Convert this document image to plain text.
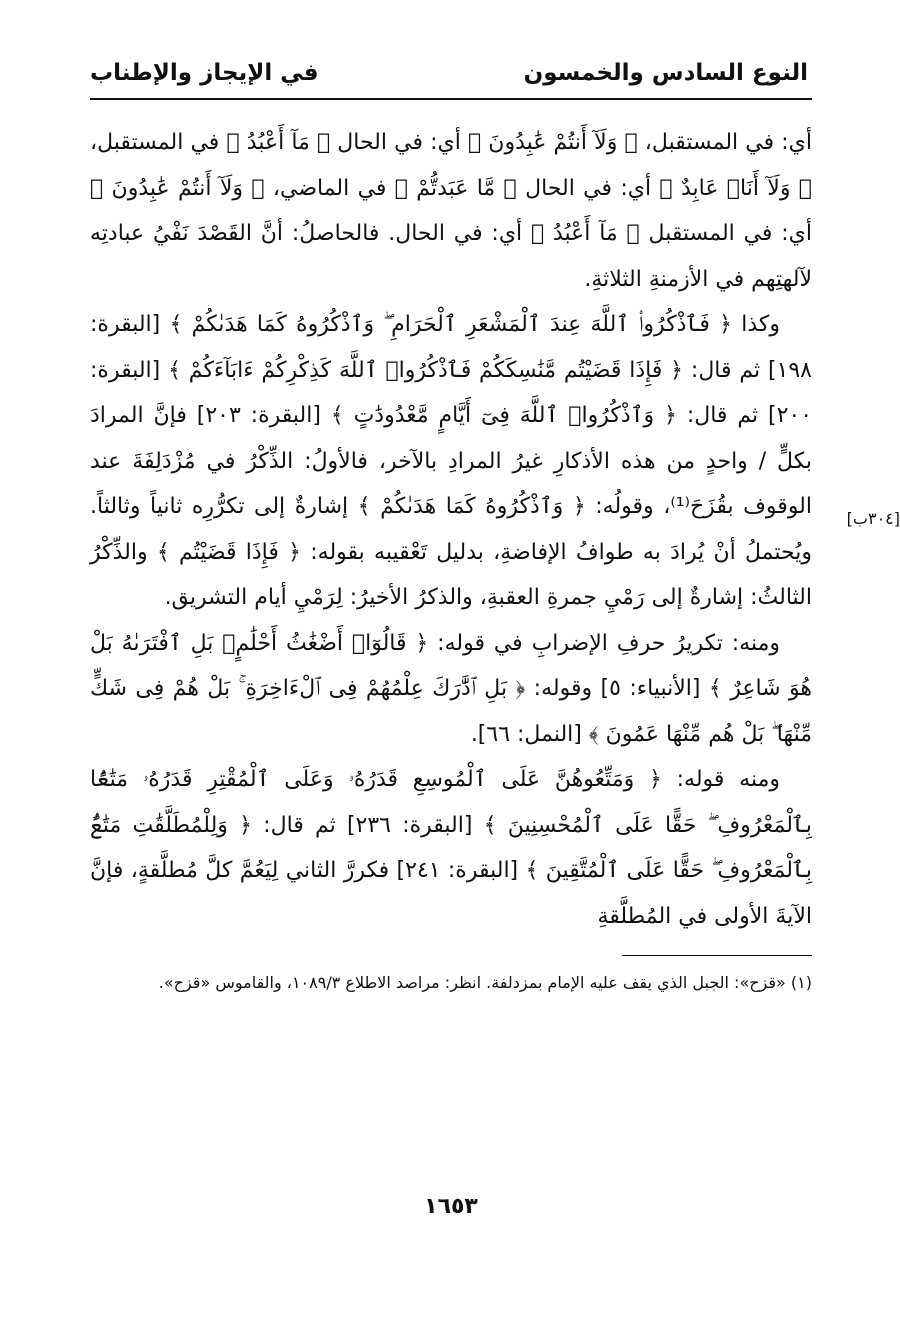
النوع السادس والخمسون
في الإيجاز والإطناب

أي: في المستقبل، ﴿ وَلَآ أَنتُمْ عَٰبِدُونَ ﴾ أي: في الحال ﴿ مَآ أَعْبُدُ ﴾ في المستقبل، ﴿ وَلَآ أَنَا۠ عَابِدٌ ﴾ أي: في الحال ﴿ مَّا عَبَدتُّمْ ﴾ في الماضي، ﴿ وَلَآ أَنتُمْ عَٰبِدُونَ ﴾ أي: في المستقبل ﴿ مَآ أَعْبُدُ ﴾ أي: في الحال. فالحاصلُ: أنَّ القَصْدَ نَفْيُ عبادتِه لآلهتِهم في الأزمنةِ الثلاثةِ.

وكذا ﴿ فَٱذْكُرُوا۟ ٱللَّهَ عِندَ ٱلْمَشْعَرِ ٱلْحَرَامِ ۖ وَٱذْكُرُوهُ كَمَا هَدَىٰكُمْ ﴾ [البقرة: ١٩٨] ثم قال: ﴿ فَإِذَا قَضَيْتُم مَّنَٰسِكَكُمْ فَٱذْكُرُوا۟ ٱللَّهَ كَذِكْرِكُمْ ءَابَآءَكُمْ ﴾ [البقرة: ٢٠٠] ثم قال: ﴿ وَٱذْكُرُوا۟ ٱللَّهَ فِىٓ أَيَّامٍ مَّعْدُودَٰتٍ ﴾ [البقرة: ٢٠٣] فإنَّ المرادَ بكلٍّ / واحدٍ من هذه الأذكارِ غيرُ المرادِ بالآخر، فالأولُ: الذِّكْرُ في مُزْدَلِفَةَ عند الوقوف بقُزَحَ⁽¹⁾، وقولُه: ﴿ وَٱذْكُرُوهُ كَمَا هَدَىٰكُمْ ﴾ إشارةٌ إلى تكرُّرِه ثانياً وثالثاً. ويُحتملُ أنْ يُرادَ به طوافُ الإفاضةِ، بدليل تَعْقيبه بقوله: ﴿ فَإِذَا قَضَيْتُم ﴾ والذِّكْرُ الثالثُ: إشارةٌ إلى رَمْيِ جمرةِ العقبةِ، والذكرُ الأخيرُ: لِرَمْيِ أيام التشريق.

ومنه: تكريرُ حرفِ الإضرابِ في قوله: ﴿ قَالُوٓا۟ أَضْغَٰثُ أَحْلَٰمٍۭ بَلِ ٱفْتَرَىٰهُ بَلْ هُوَ شَاعِرٌ ﴾ [الأنبياء: ٥] وقوله: ﴿ بَلِ ٱدَّٰرَكَ عِلْمُهُمْ فِى ٱلْءَاخِرَةِ ۚ بَلْ هُمْ فِى شَكٍّ مِّنْهَا ۖ بَلْ هُم مِّنْهَا عَمُونَ ﴾ [النمل: ٦٦].

ومنه قوله: ﴿ وَمَتِّعُوهُنَّ عَلَى ٱلْمُوسِعِ قَدَرُهُۥ وَعَلَى ٱلْمُقْتِرِ قَدَرُهُۥ مَتَٰعًۢا بِٱلْمَعْرُوفِ ۖ حَقًّا عَلَى ٱلْمُحْسِنِينَ ﴾ [البقرة: ٢٣٦] ثم قال: ﴿ وَلِلْمُطَلَّقَٰتِ مَتَٰعٌۢ بِٱلْمَعْرُوفِ ۖ حَقًّا عَلَى ٱلْمُتَّقِينَ ﴾ [البقرة: ٢٤١] فكررَّ الثاني لِيَعُمَّ كلَّ مُطلَّقةٍ، فإنَّ الآيةَ الأولى في المُطلَّقةِ

[٣٠٤ب]

(١) «قزح»: الجبل الذي يقف عليه الإمام بمزدلفة. انظر: مراصد الاطلاع ١٠٨٩/٣، والقاموس «قزح».

١٦٥٣
